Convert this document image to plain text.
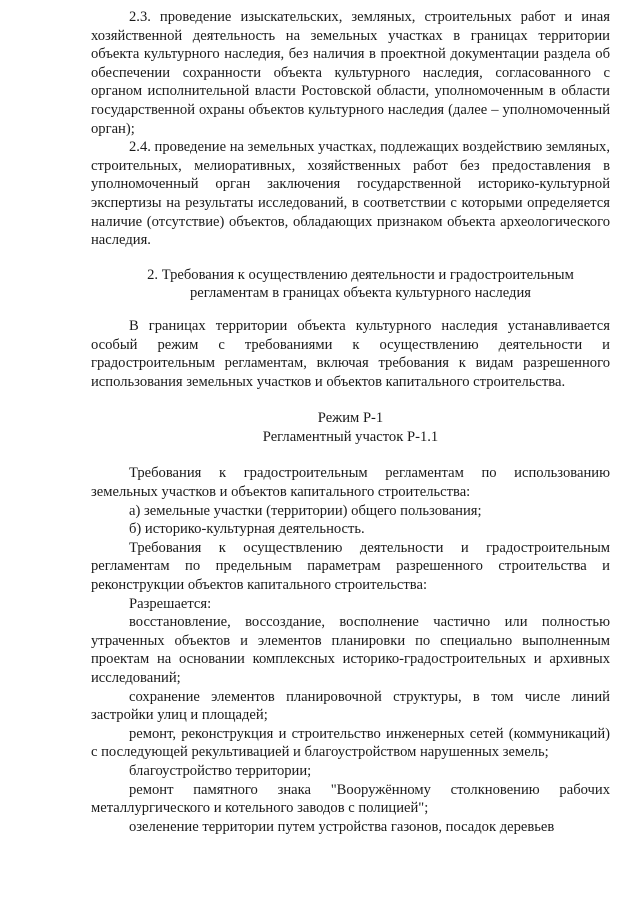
2.3. проведение изыскательских, земляных, строительных работ и иная хозяйственной деятельность на земельных участках в границах территории объекта культурного наследия, без наличия в проектной документации раздела об обеспечении сохранности объекта культурного наследия, согласованного с органом исполнительной власти Ростовской области, уполномоченным в области государственной охраны объектов культурного наследия (далее – уполномоченный орган);

2.4. проведение на земельных участках, подлежащих воздействию земляных, строительных, мелиоративных, хозяйственных работ без предоставления в уполномоченный орган заключения государственной историко-культурной экспертизы на результаты исследований, в соответствии с которыми определяется наличие (отсутствие) объектов, обладающих признаком объекта археологического наследия.

2. Требования к осуществлению деятельности и градостроительным

регламентам в границах объекта культурного наследия

В границах территории объекта культурного наследия устанавливается особый режим с требованиями к осуществлению деятельности и градостроительным регламентам, включая требования к видам разрешенного использования земельных участков и объектов капитального строительства.

Режим Р-1

Регламентный участок Р-1.1

Требования к градостроительным регламентам по использованию земельных участков и объектов капитального строительства:

а) земельные участки (территории) общего пользования;

б) историко-культурная деятельность.

Требования к осуществлению деятельности и градостроительным регламентам по предельным параметрам разрешенного строительства и реконструкции объектов капитального строительства:

Разрешается:

восстановление, воссоздание, восполнение частично или полностью утраченных объектов и элементов планировки по специально выполненным проектам на основании комплексных историко-градостроительных и архивных исследований;

сохранение элементов планировочной структуры, в том числе линий застройки улиц и площадей;

ремонт, реконструкция и строительство инженерных сетей (коммуникаций) с последующей рекультивацией и благоустройством нарушенных земель;

благоустройство территории;

ремонт памятного знака "Вооружённому столкновению рабочих металлургического и котельного заводов с полицией";

озеленение территории путем устройства газонов, посадок деревьев
